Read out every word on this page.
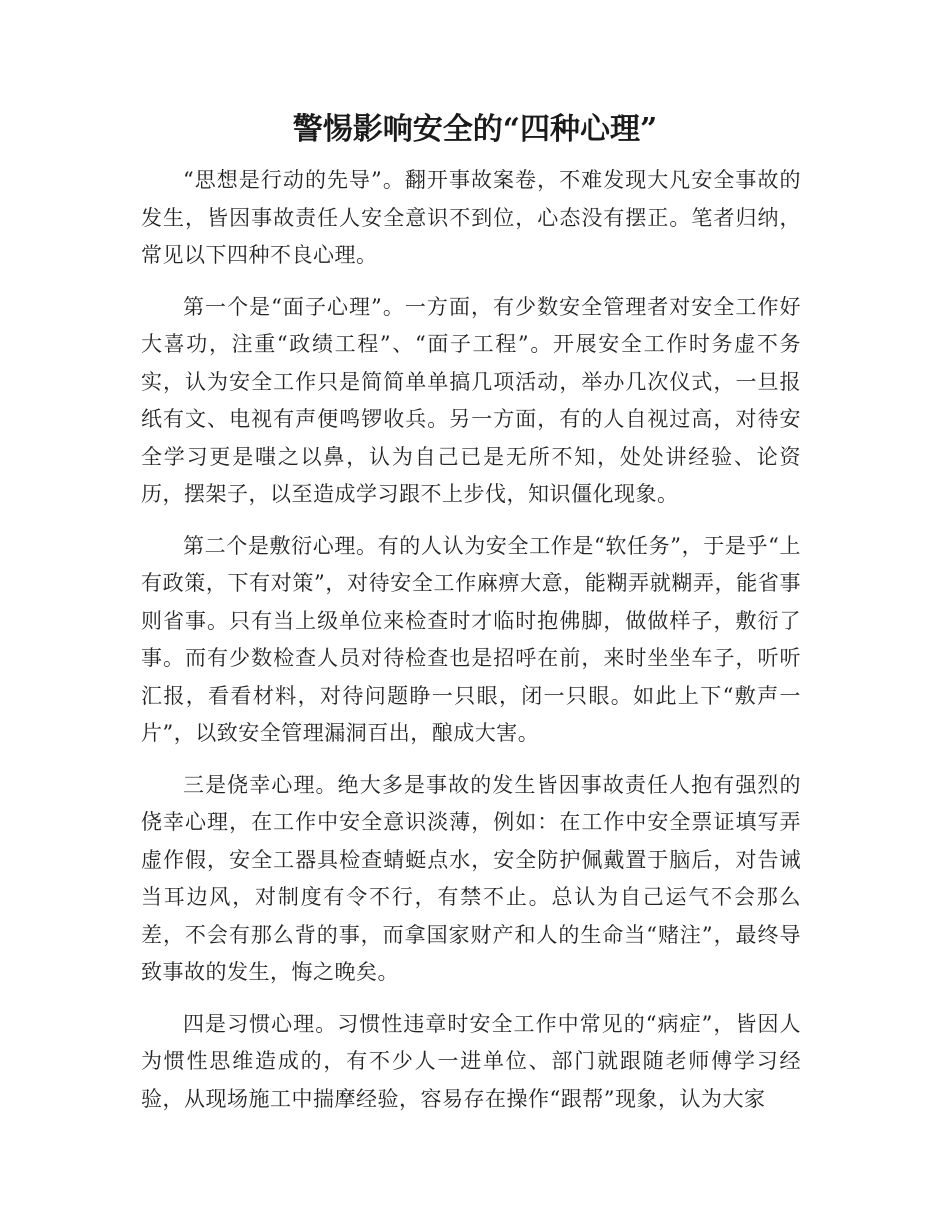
警惕影响安全的“四种心理”

“思想是行动的先导”。翻开事故案卷，不难发现大凡安全事故的发生，皆因事故责任人安全意识不到位，心态没有摆正。笔者归纳，常见以下四种不良心理。

第一个是“面子心理”。一方面，有少数安全管理者对安全工作好大喜功，注重“政绩工程”、“面子工程”。开展安全工作时务虚不务实，认为安全工作只是简简单单搞几项活动，举办几次仪式，一旦报纸有文、电视有声便鸣锣收兵。另一方面，有的人自视过高，对待安全学习更是嗤之以鼻，认为自己已是无所不知，处处讲经验、论资历，摆架子，以至造成学习跟不上步伐，知识僵化现象。

第二个是敷衍心理。有的人认为安全工作是“软任务”，于是乎“上有政策，下有对策”，对待安全工作麻痹大意，能糊弄就糊弄，能省事则省事。只有当上级单位来检查时才临时抱佛脚，做做样子，敷衍了事。而有少数检查人员对待检查也是招呼在前，来时坐坐车子，听听汇报，看看材料，对待问题睁一只眼，闭一只眼。如此上下“敷声一片”，以致安全管理漏洞百出，酿成大害。

三是侥幸心理。绝大多是事故的发生皆因事故责任人抱有强烈的侥幸心理，在工作中安全意识淡薄，例如：在工作中安全票证填写弄虚作假，安全工器具检查蜻蜓点水，安全防护佩戴置于脑后，对告诫当耳边风，对制度有令不行，有禁不止。总认为自己运气不会那么差，不会有那么背的事，而拿国家财产和人的生命当“赌注”，最终导致事故的发生，悔之晚矣。

四是习惯心理。习惯性违章时安全工作中常见的“病症”，皆因人为惯性思维造成的，有不少人一进单位、部门就跟随老师傅学习经验，从现场施工中揣摩经验，容易存在操作“跟帮”现象，认为大家
